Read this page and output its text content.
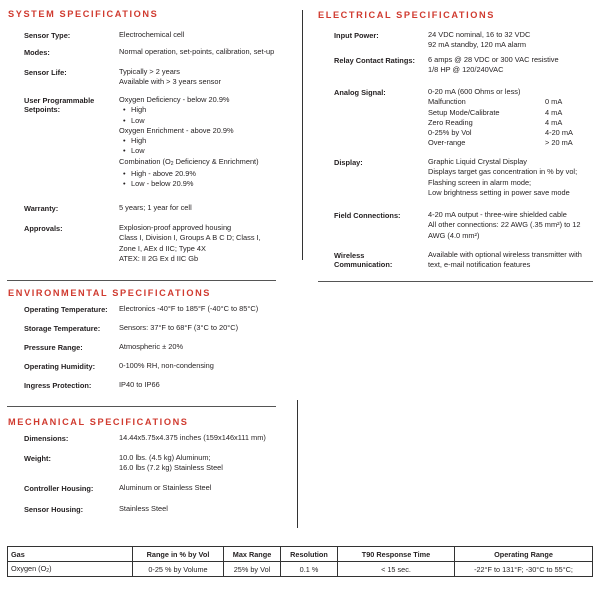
SYSTEM SPECIFICATIONS
Sensor Type:	Electrochemical cell
Modes:	Normal operation, set-points, calibration, set-up
Sensor Life:	Typically > 2 years
Available with > 3 years sensor
User Programmable
Setpoints:
Oxygen Deficiency - below 20.9%
• High
• Low
Oxygen Enrichment - above 20.9%
• High
• Low
Combination ($O_2$ Deficiency & Enrichment)
• High - above 20.9%
• Low - below 20.9%
Warranty:	5 years; 1 year for cell
Approvals:	Explosion-proof approved housing
Class I, Division I, Groups A B C D; Class I,
Zone I, AEx d IIC; Type 4X
ATEX: II 2G Ex d IIC Gb
ENVIRONMENTAL SPECIFICATIONS
Operating Temperature: Electronics -40°F to 185°F (-40°C to 85°C)
Storage Temperature:	Sensors: 37°F to 68°F (3°C to 20°C)
Pressure Range:	Atmospheric ± 20%
Operating Humidity:	0-100% RH, non-condensing
Ingress Protection:	IP40 to IP66
MECHANICAL SPECIFICATIONS
Dimensions:	14.44x5.75x4.375 inches (159x146x111 mm)
Weight:	10.0 lbs. (4.5 kg) Aluminum;
16.0 lbs (7.2 kg) Stainless Steel
Controller Housing:	Aluminum or Stainless Steel
Sensor Housing:	Stainless Steel
ELECTRICAL SPECIFICATIONS
Input Power:	24 VDC nominal, 16 to 32 VDC
92 mA standby, 120 mA alarm
Relay Contact Ratings: 6 amps @ 28 VDC or 300 VAC resistive
1/8 HP @ 120/240VAC
Analog Signal:	0-20 mA (600 Ohms or less)
Malfunction	0 mA
Setup Mode/Calibrate	4 mA
Zero Reading	4 mA
0-25% by Vol	4-20 mA
Over-range	> 20 mA
Display:	Graphic Liquid Crystal Display
Displays target gas concentration in % by vol;
Flashing screen in alarm mode;
Low brightness setting in power save mode
Field Connections:	4-20 mA output - three-wire shielded cable
All other connections: 22 AWG (.35 mm²) to 12
AWG (4.0 mm²)
Wireless
Communication:
Available with optional wireless transmitter with
text, e-mail notification features
Gas	Range in % by Vol	Max Range	Resolution	T90 Response Time	Operating Range
Oxygen $(O_2)$	0-25 % by Volume	25% by Vol	0.1 %	< 15 sec.	-22°F to 131°F; -30°C to 55°C;
